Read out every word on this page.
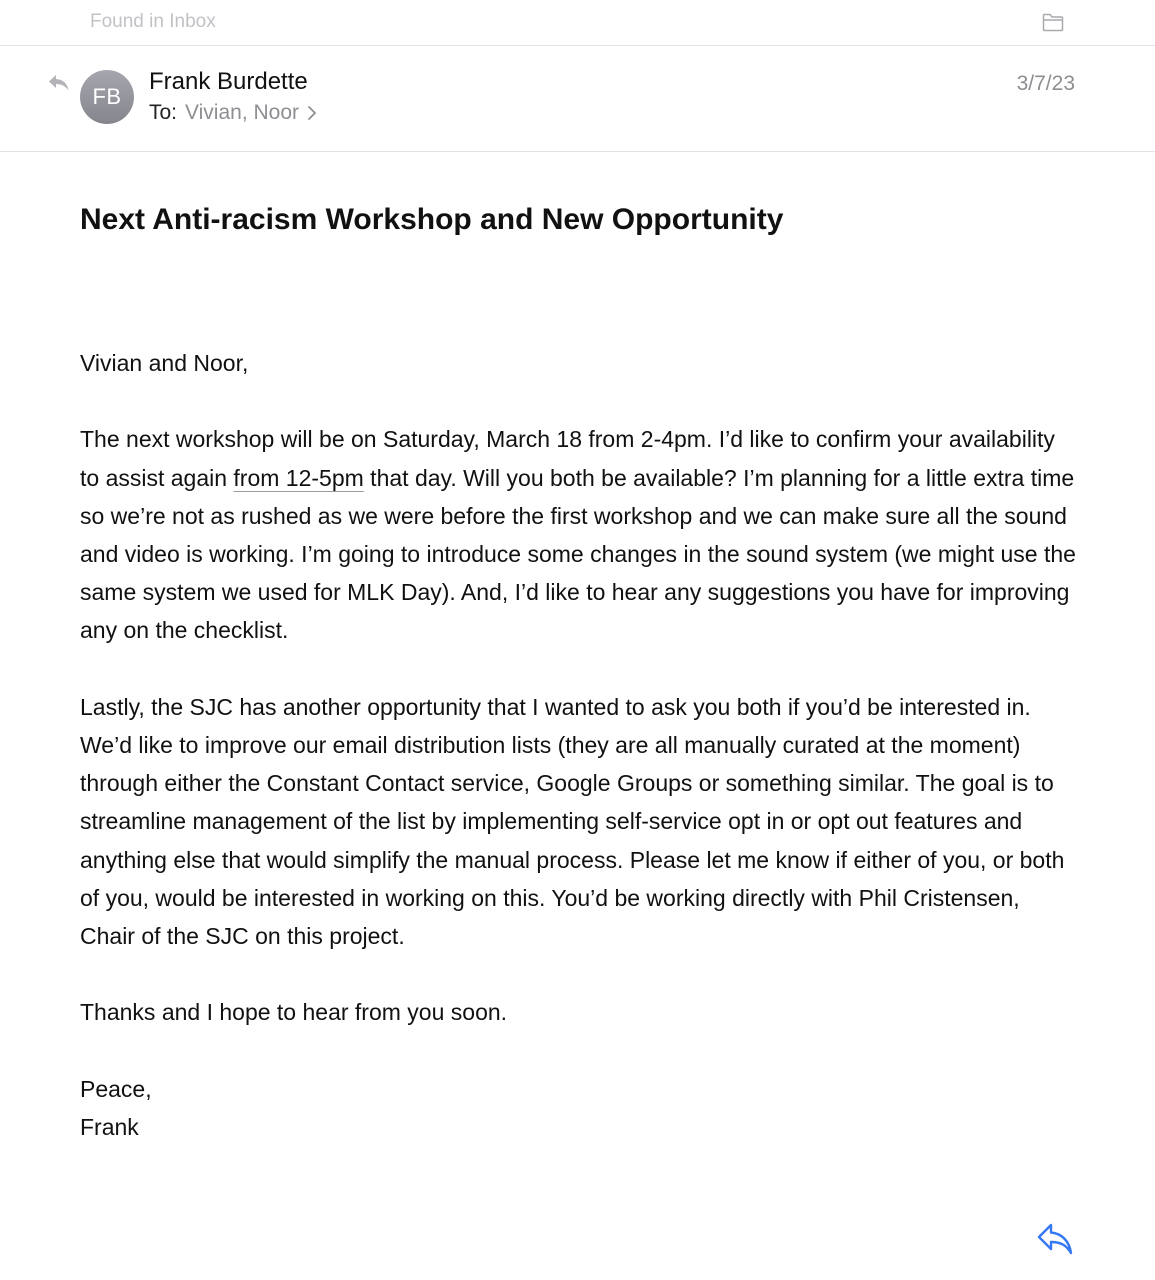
Found in Inbox
FB
Frank Burdette
To: Vivian, Noor
3/7/23
Next Anti-racism Workshop and New Opportunity

Vivian and Noor,

The next workshop will be on Saturday, March 18 from 2-4pm. I’d like to confirm your availability to assist again from 12-5pm that day. Will you both be available? I’m planning for a little extra time so we’re not as rushed as we were before the first workshop and we can make sure all the sound and video is working. I’m going to introduce some changes in the sound system (we might use the same system we used for MLK Day). And, I’d like to hear any suggestions you have for improving any on the checklist.

Lastly, the SJC has another opportunity that I wanted to ask you both if you’d be interested in. We’d like to improve our email distribution lists (they are all manually curated at the moment) through either the Constant Contact service, Google Groups or something similar. The goal is to streamline management of the list by implementing self-service opt in or opt out features and anything else that would simplify the manual process. Please let me know if either of you, or both of you, would be interested in working on this. You’d be working directly with Phil Cristensen, Chair of the SJC on this project.

Thanks and I hope to hear from you soon.

Peace,
Frank
